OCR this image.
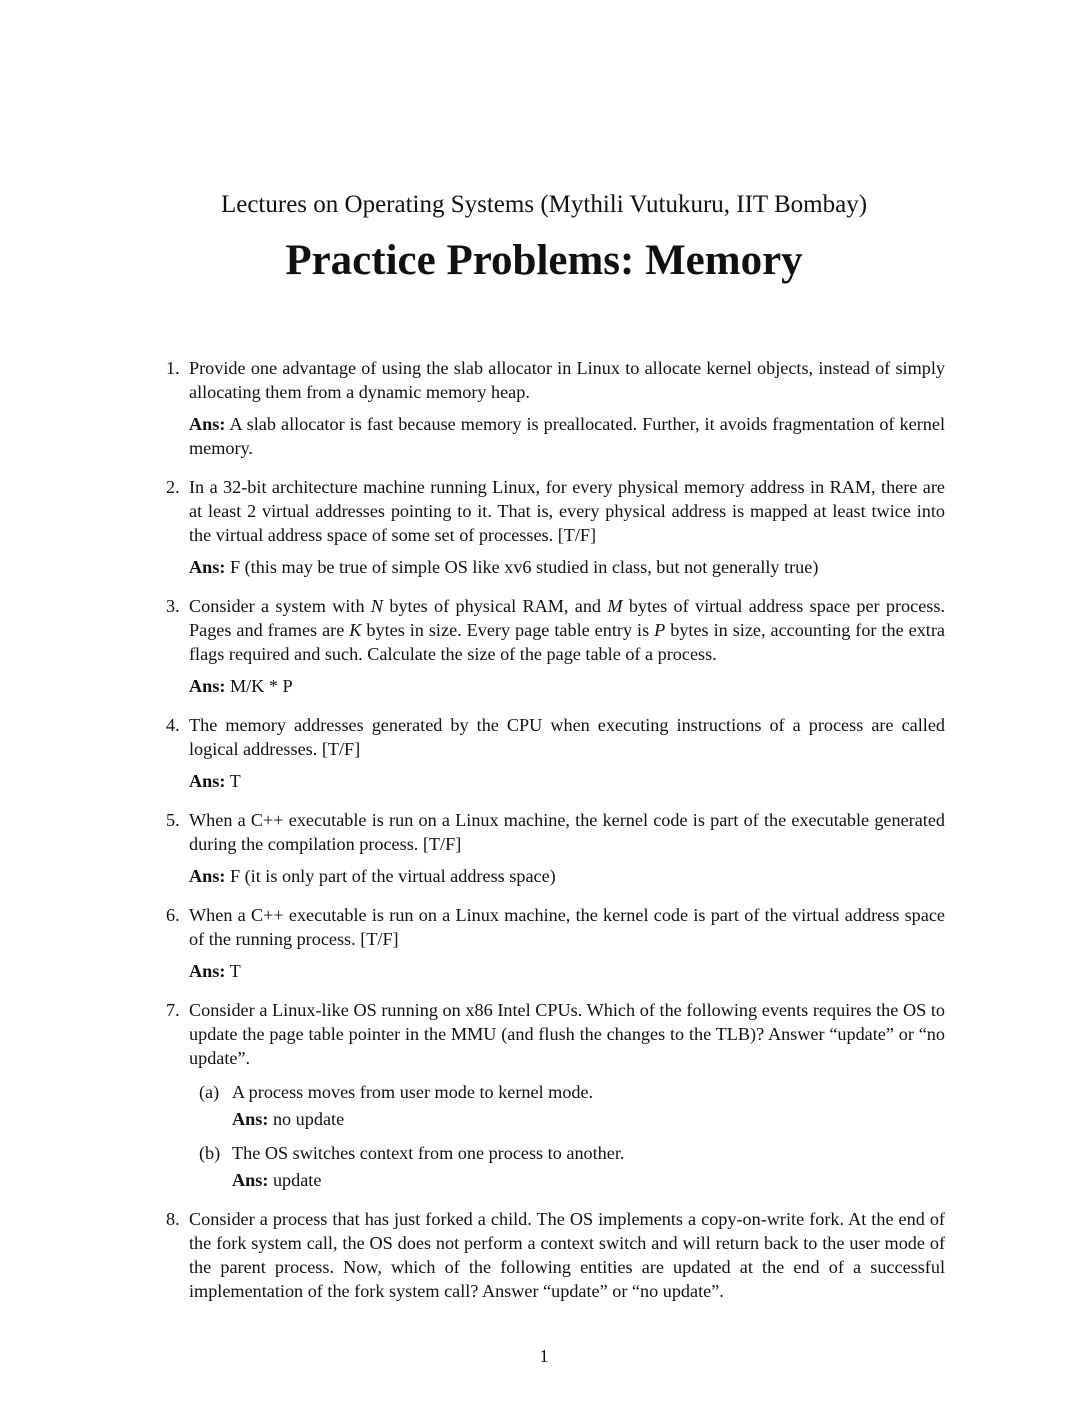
Lectures on Operating Systems (Mythili Vutukuru, IIT Bombay)
Practice Problems: Memory
1. Provide one advantage of using the slab allocator in Linux to allocate kernel objects, instead of simply allocating them from a dynamic memory heap.
Ans: A slab allocator is fast because memory is preallocated. Further, it avoids fragmentation of kernel memory.
2. In a 32-bit architecture machine running Linux, for every physical memory address in RAM, there are at least 2 virtual addresses pointing to it. That is, every physical address is mapped at least twice into the virtual address space of some set of processes. [T/F]
Ans: F (this may be true of simple OS like xv6 studied in class, but not generally true)
3. Consider a system with N bytes of physical RAM, and M bytes of virtual address space per process. Pages and frames are K bytes in size. Every page table entry is P bytes in size, accounting for the extra flags required and such. Calculate the size of the page table of a process.
Ans: M/K * P
4. The memory addresses generated by the CPU when executing instructions of a process are called logical addresses. [T/F]
Ans: T
5. When a C++ executable is run on a Linux machine, the kernel code is part of the executable generated during the compilation process. [T/F]
Ans: F (it is only part of the virtual address space)
6. When a C++ executable is run on a Linux machine, the kernel code is part of the virtual address space of the running process. [T/F]
Ans: T
7. Consider a Linux-like OS running on x86 Intel CPUs. Which of the following events requires the OS to update the page table pointer in the MMU (and flush the changes to the TLB)? Answer “update” or “no update”.
(a) A process moves from user mode to kernel mode.
Ans: no update
(b) The OS switches context from one process to another.
Ans: update
8. Consider a process that has just forked a child. The OS implements a copy-on-write fork. At the end of the fork system call, the OS does not perform a context switch and will return back to the user mode of the parent process. Now, which of the following entities are updated at the end of a successful implementation of the fork system call? Answer “update” or “no update”.
1
